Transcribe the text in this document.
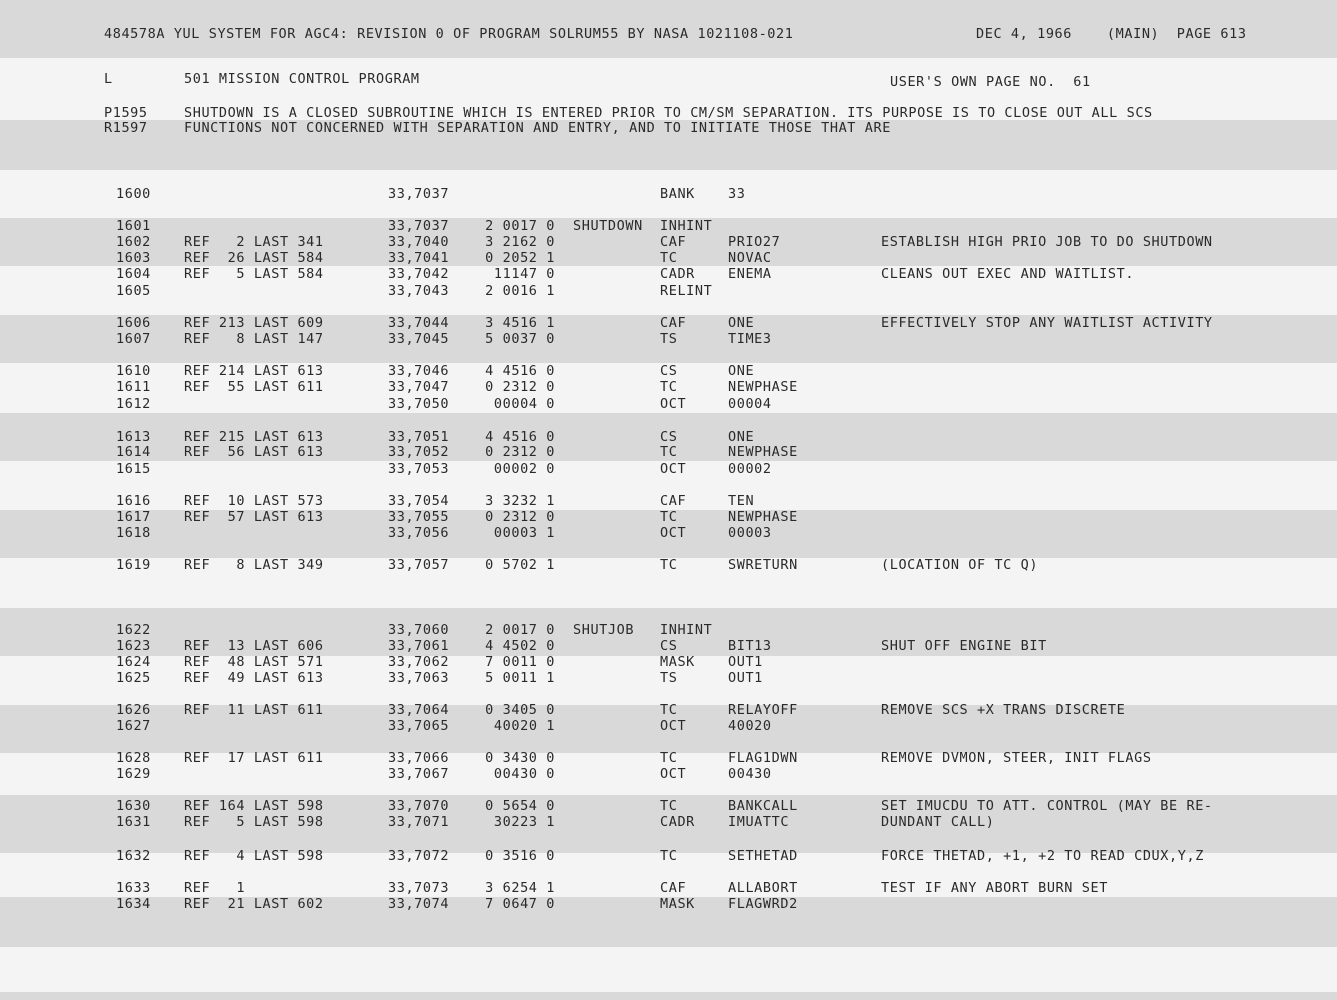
484578A YUL SYSTEM FOR AGC4: REVISION 0 OF PROGRAM SOLRUM55 BY NASA 1021108-021	DEC 4, 1966    (MAIN)  PAGE 613
L	501 MISSION CONTROL PROGRAM	USER'S OWN PAGE NO.  61
P1595	SHUTDOWN IS A CLOSED SUBROUTINE WHICH IS ENTERED PRIOR TO CM/SM SEPARATION. ITS PURPOSE IS TO CLOSE OUT ALL SCS
R1597	FUNCTIONS NOT CONCERNED WITH SEPARATION AND ENTRY, AND TO INITIATE THOSE THAT ARE
1600	33,7037	BANK 33
1601	33,7037	2 0017 0 SHUTDOWN INHINT
1602 REF   2 LAST 341	33,7040	3 2162 0	CAF	PRIO27	ESTABLISH HIGH PRIO JOB TO DO SHUTDOWN
1603 REF  26 LAST 584	33,7041	0 2052 1	TC	NOVAC
1604 REF   5 LAST 584	33,7042	11147 0	CADR ENEMA	CLEANS OUT EXEC AND WAITLIST.
1605	33,7043	2 0016 1	RELINT
1606 REF 213 LAST 609	33,7044	3 4516 1	CAF	ONE	EFFECTIVELY STOP ANY WAITLIST ACTIVITY
1607 REF   8 LAST 147	33,7045	5 0037 0	TS	TIME3
1610 REF 214 LAST 613	33,7046	4 4516 0	CS	ONE
1611 REF  55 LAST 611	33,7047	0 2312 0	TC	NEWPHASE
1612	33,7050	00004 0	OCT	00004
1613 REF 215 LAST 613	33,7051	4 4516 0	CS	ONE
1614 REF  56 LAST 613	33,7052	0 2312 0	TC	NEWPHASE
1615	33,7053	00002 0	OCT	00002
1616 REF  10 LAST 573	33,7054	3 3232 1	CAF	TEN
1617 REF  57 LAST 613	33,7055	0 2312 0	TC	NEWPHASE
1618	33,7056	00003 1	OCT	00003
1619 REF   8 LAST 349	33,7057	0 5702 1	TC	SWRETURN	(LOCATION OF TC Q)
1622	33,7060	2 0017 0 SHUTJOB INHINT
1623 REF  13 LAST 606	33,7061	4 4502 0	CS	BIT13	SHUT OFF ENGINE BIT
1624 REF  48 LAST 571	33,7062	7 0011 0	MASK OUT1
1625 REF  49 LAST 613	33,7063	5 0011 1	TS	OUT1
1626 REF  11 LAST 611	33,7064	0 3405 0	TC	RELAYOFF	REMOVE SCS +X TRANS DISCRETE
1627	33,7065	40020 1	OCT	40020
1628 REF  17 LAST 611	33,7066	0 3430 0	TC	FLAG1DWN	REMOVE DVMON, STEER, INIT FLAGS
1629	33,7067	00430 0	OCT	00430
1630 REF 164 LAST 598	33,7070	0 5654 0	TC	BANKCALL	SET IMUCDU TO ATT. CONTROL (MAY BE RE-
1631 REF   5 LAST 598	33,7071	30223 1	CADR IMUATTC	DUNDANT CALL)
1632 REF   4 LAST 598	33,7072	0 3516 0	TC	SETHETAD	FORCE THETAD, +1, +2 TO READ CDUX,Y,Z
1633 REF   1	33,7073	3 6254 1	CAF	ALLABORT	TEST IF ANY ABORT BURN SET
1634 REF  21 LAST 602	33,7074	7 0647 0	MASK FLAGWRD2
